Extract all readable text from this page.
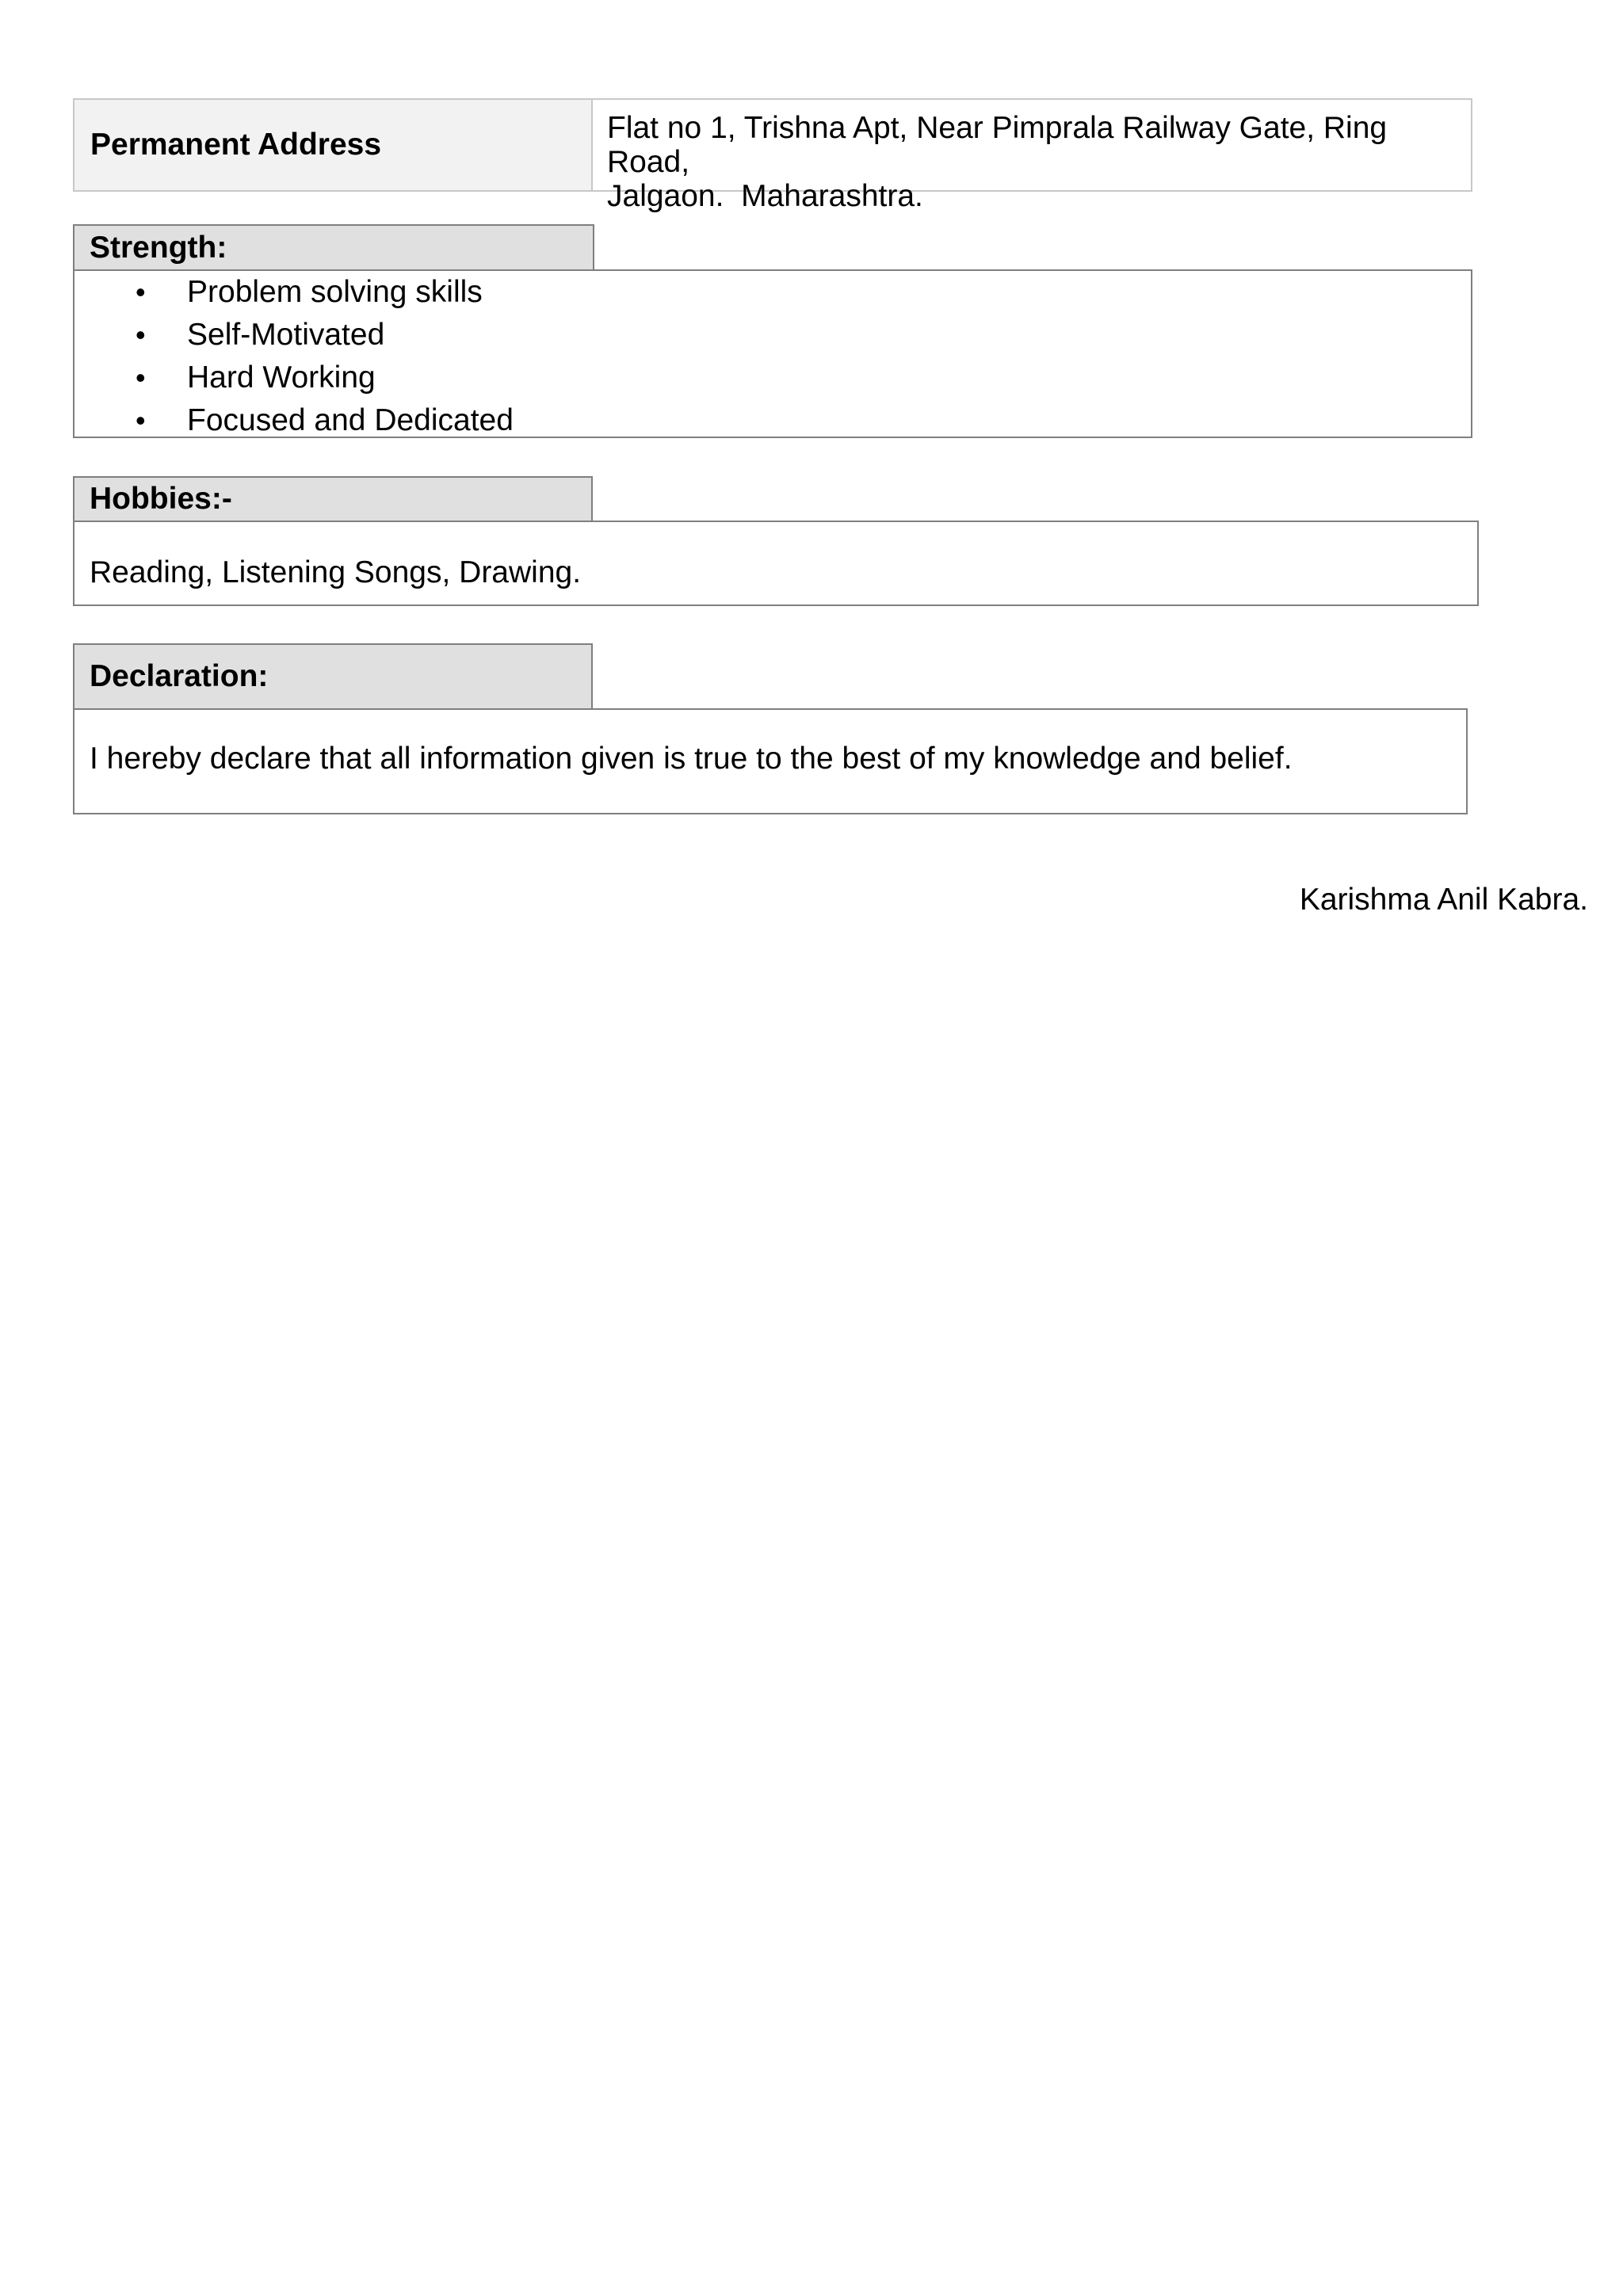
Permanent Address	Flat no 1, Trishna Apt, Near Pimprala Railway Gate, Ring Road,
Jalgaon.  Maharashtra.
Strength:
• Problem solving skills
• Self-Motivated
• Hard Working
• Focused and Dedicated
Hobbies:-
Reading, Listening Songs, Drawing.
Declaration:
I hereby declare that all information given is true to the best of my knowledge and belief.
Karishma Anil Kabra.
